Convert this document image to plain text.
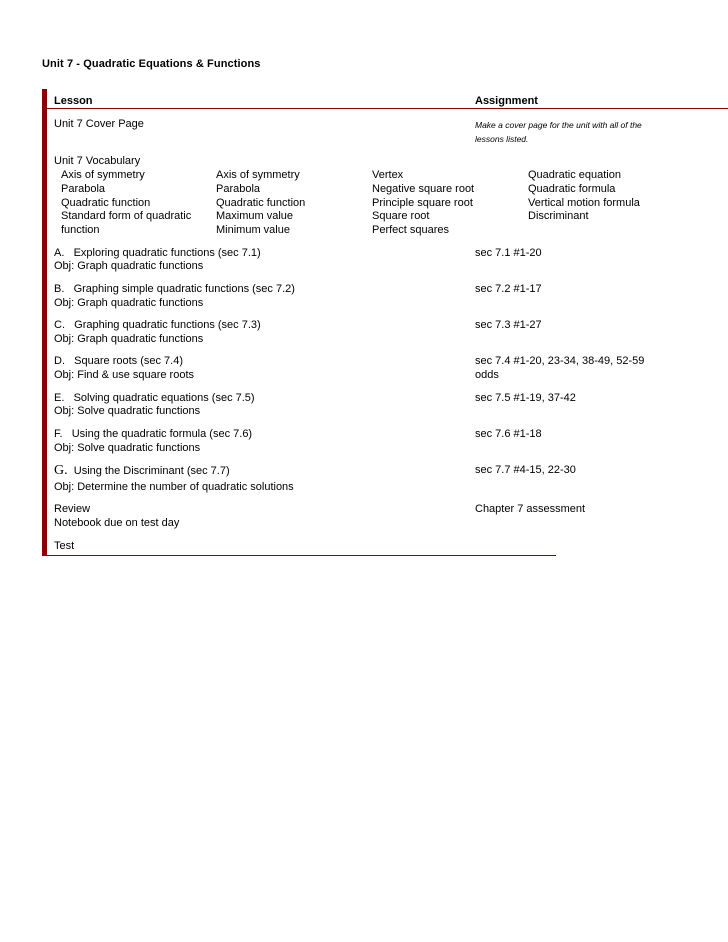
Unit 7 - Quadratic Equations & Functions
Lesson	Assignment
Unit 7 Cover Page	Make a cover page for the unit with all of the
lessons listed.
Unit 7 Vocabulary
Axis of symmetry
Parabola
Quadratic function
Standard form of quadratic
function
Axis of symmetry
Parabola
Quadratic function
Maximum value
Minimum value
Vertex
Negative square root
Principle square root
Square root
Perfect squares
Quadratic equation
Quadratic formula
Vertical motion formula
Discriminant
A. Exploring quadratic functions (sec 7.1)
Obj: Graph quadratic functions
sec 7.1 #1-20
B. Graphing simple quadratic functions (sec 7.2)
Obj: Graph quadratic functions
sec 7.2 #1-17
C. Graphing quadratic functions (sec 7.3)
Obj: Graph quadratic functions
sec 7.3 #1-27
D. Square roots (sec 7.4)
Obj: Find & use square roots
sec 7.4 #1-20, 23-34, 38-49, 52-59
odds
E. Solving quadratic equations (sec 7.5)
Obj: Solve quadratic functions
sec 7.5 #1-19, 37-42
F. Using the quadratic formula (sec 7.6)
Obj: Solve quadratic functions
sec 7.6 #1-18
G. Using the Discriminant (sec 7.7)
Obj: Determine the number of quadratic solutions
sec 7.7 #4-15, 22-30
Review
Notebook due on test day
Chapter 7 assessment
Test
